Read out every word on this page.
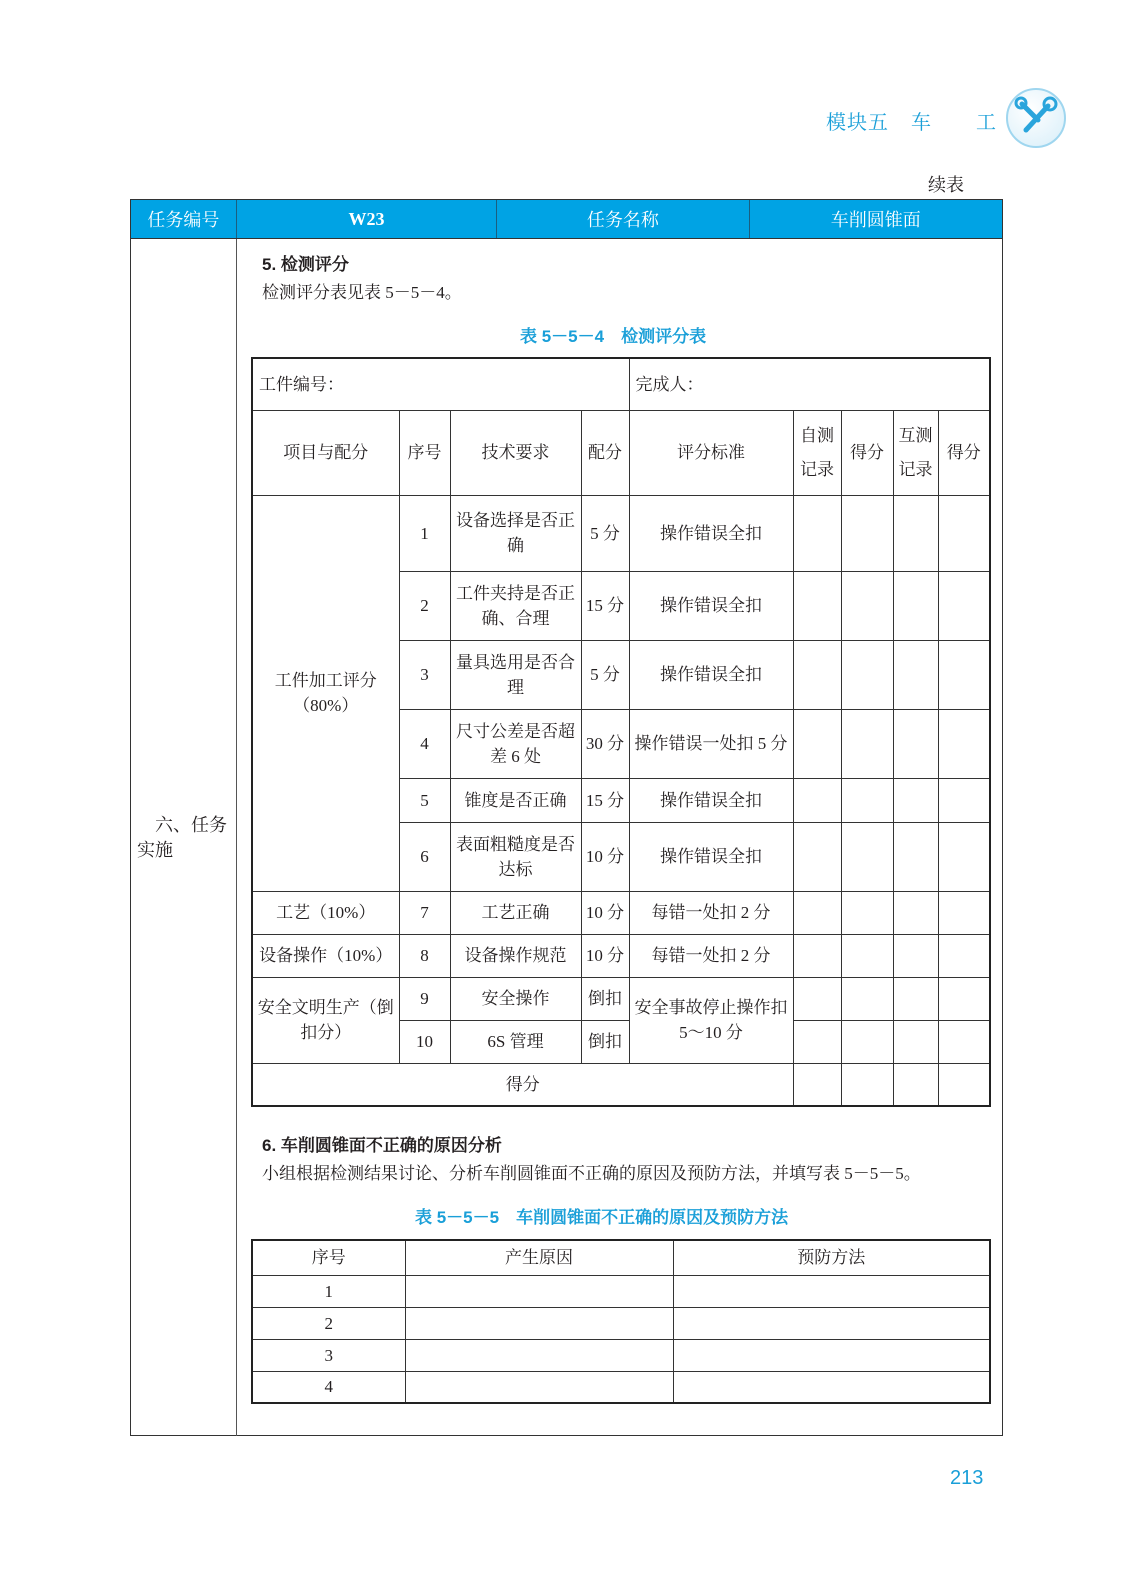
模块五 车 工
续表
任务编号	W23	任务名称	车削圆锥面
六、任务实施
5. 检测评分
检测评分表见表 5－5－4。
表 5－5－4　检测评分表
工件编号：				完成人：				
项目与配分	序号	技术要求	配分	评分标准	自测记录	得分	互测记录	得分
工件加工评分（80%）	1	设备选择是否正确	5 分	操作错误全扣				
	2	工件夹持是否正确、合理	15 分	操作错误全扣				
	3	量具选用是否合理	5 分	操作错误全扣				
	4	尺寸公差是否超差 6 处	30 分	操作错误一处扣 5 分				
	5	锥度是否正确	15 分	操作错误全扣				
	6	表面粗糙度是否达标	10 分	操作错误全扣				
工艺（10%）	7	工艺正确	10 分	每错一处扣 2 分				
设备操作（10%）	8	设备操作规范	10 分	每错一处扣 2 分				
安全文明生产（倒扣分）	9	安全操作	倒扣	安全事故停止操作扣 5～10 分				
	10	6S 管理	倒扣					
得分								
6. 车削圆锥面不正确的原因分析
小组根据检测结果讨论、分析车削圆锥面不正确的原因及预防方法，并填写表 5－5－5。
表 5－5－5　车削圆锥面不正确的原因及预防方法
序号	产生原因	预防方法
1		
2		
3		
4		
213
